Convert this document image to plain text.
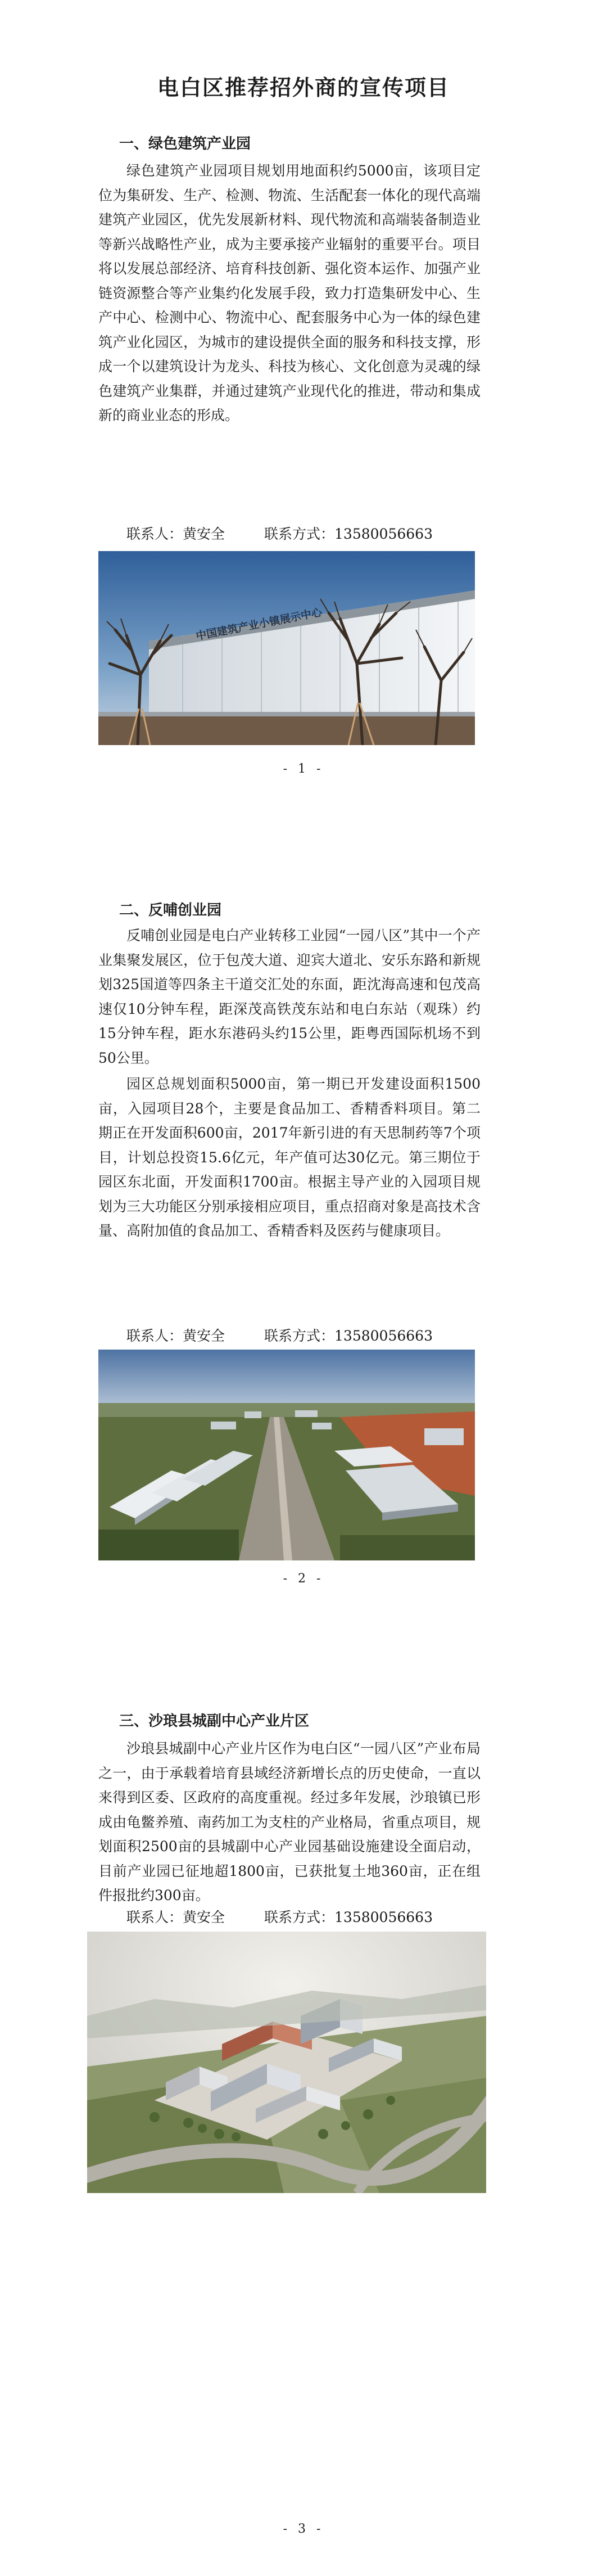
电白区推荐招外商的宣传项目
一、绿色建筑产业园

绿色建筑产业园项目规划用地面积约5000亩，该项目定位为集研发、生产、检测、物流、生活配套一体化的现代高端建筑产业园区，优先发展新材料、现代物流和高端装备制造业等新兴战略性产业，成为主要承接产业辐射的重要平台。项目将以发展总部经济、培育科技创新、强化资本运作、加强产业链资源整合等产业集约化发展手段，致力打造集研发中心、生产中心、检测中心、物流中心、配套服务中心为一体的绿色建筑产业化园区，为城市的建设提供全面的服务和科技支撑，形成一个以建筑设计为龙头、科技为核心、文化创意为灵魂的绿色建筑产业集群，并通过建筑产业现代化的推进，带动和集成新的商业业态的形成。

联系人：黄安全	联系方式：13580056663
中国建筑产业小镇展示中心
- 1 -
二、反哺创业园

反哺创业园是电白产业转移工业园“一园八区”其中一个产业集聚发展区，位于包茂大道、迎宾大道北、安乐东路和新规划325国道等四条主干道交汇处的东面，距沈海高速和包茂高速仅10分钟车程，距深茂高铁茂东站和电白东站（观珠）约15分钟车程，距水东港码头约15公里，距粤西国际机场不到50公里。

园区总规划面积5000亩，第一期已开发建设面积1500亩，入园项目28个，主要是食品加工、香精香料项目。第二期正在开发面积600亩，2017年新引进的有天思制药等7个项目，计划总投资15.6亿元，年产值可达30亿元。第三期位于园区东北面，开发面积1700亩。根据主导产业的入园项目规划为三大功能区分别承接相应项目，重点招商对象是高技术含量、高附加值的食品加工、香精香料及医药与健康项目。

联系人：黄安全	联系方式：13580056663
- 2 -
三、沙琅县城副中心产业片区

沙琅县城副中心产业片区作为电白区“一园八区”产业布局之一，由于承载着培育县域经济新增长点的历史使命，一直以来得到区委、区政府的高度重视。经过多年发展，沙琅镇已形成由龟鳖养殖、南药加工为支柱的产业格局，省重点项目，规划面积2500亩的县城副中心产业园基础设施建设全面启动，目前产业园已征地超1800亩，已获批复土地360亩，正在组件报批约300亩。

联系人：黄安全	联系方式：13580056663
- 3 -
